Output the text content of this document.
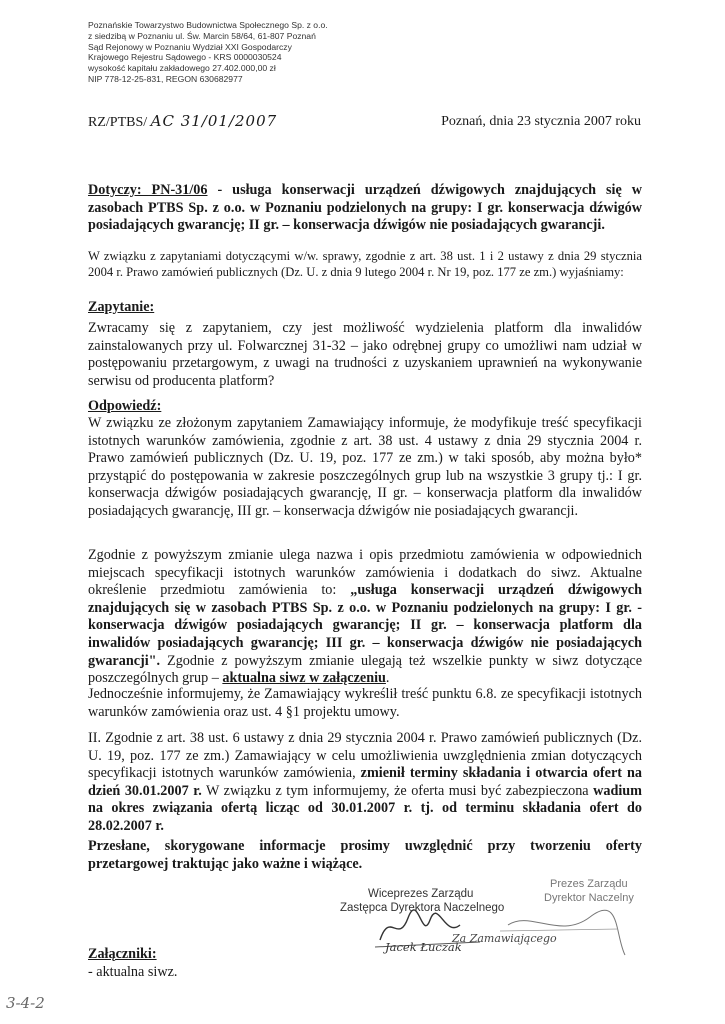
Poznańskie Towarzystwo Budownictwa Społecznego Sp. z o.o.
z siedzibą w Poznaniu ul. Św. Marcin 58/64, 61-807 Poznań
Sąd Rejonowy w Poznaniu Wydział XXI Gospodarczy
Krajowego Rejestru Sądowego - KRS 0000030524
wysokość kapitału zakładowego 27.402.000,00 zł
NIP 778-12-25-831, REGON 630682977
RZ/PTBS/ AC 31/01/2007	Poznań, dnia 23 stycznia 2007 roku
Dotyczy: PN-31/06 - usługa konserwacji urządzeń dźwigowych znajdujących się w zasobach PTBS Sp. z o.o. w Poznaniu podzielonych na grupy: I gr. konserwacja dźwigów posiadających gwarancję; II gr. – konserwacja dźwigów nie posiadających gwarancji.
W związku z zapytaniami dotyczącymi w/w. sprawy, zgodnie z art. 38 ust. 1 i 2 ustawy z dnia 29 stycznia 2004 r. Prawo zamówień publicznych (Dz. U. z dnia 9 lutego 2004 r. Nr 19, poz. 177 ze zm.) wyjaśniamy:
Zapytanie:
Zwracamy się z zapytaniem, czy jest możliwość wydzielenia platform dla inwalidów zainstalowanych przy ul. Folwarcznej 31-32 – jako odrębnej grupy co umożliwi nam udział w postępowaniu przetargowym, z uwagi na trudności z uzyskaniem uprawnień na wykonywanie serwisu od producenta platform?
Odpowiedź:
W związku ze złożonym zapytaniem Zamawiający informuje, że modyfikuje treść specyfikacji istotnych warunków zamówienia, zgodnie z art. 38 ust. 4 ustawy z dnia 29 stycznia 2004 r. Prawo zamówień publicznych (Dz. U. 19, poz. 177 ze zm.) w taki sposób, aby można było* przystąpić do postępowania w zakresie poszczególnych grup lub na wszystkie 3 grupy tj.: I gr. konserwacja dźwigów posiadających gwarancję, II gr. – konserwacja platform dla inwalidów posiadających gwarancję, III gr. – konserwacja dźwigów nie posiadających gwarancji.
Zgodnie z powyższym zmianie ulega nazwa i opis przedmiotu zamówienia w odpowiednich miejscach specyfikacji istotnych warunków zamówienia i dodatkach do siwz. Aktualne określenie przedmiotu zamówienia to: „usługa konserwacji urządzeń dźwigowych znajdujących się w zasobach PTBS Sp. z o.o. w Poznaniu podzielonych na grupy: I gr. - konserwacja dźwigów posiadających gwarancję; II gr. – konserwacja platform dla inwalidów posiadających gwarancję; III gr. – konserwacja dźwigów nie posiadających gwarancji". Zgodnie z powyższym zmianie ulegają też wszelkie punkty w siwz dotyczące poszczególnych grup – aktualna siwz w załączeniu.
Jednocześnie informujemy, że Zamawiający wykreślił treść punktu 6.8. ze specyfikacji istotnych warunków zamówienia oraz ust. 4 §1 projektu umowy.
II. Zgodnie z art. 38 ust. 6 ustawy z dnia 29 stycznia 2004 r. Prawo zamówień publicznych (Dz. U. 19, poz. 177 ze zm.) Zamawiający w celu umożliwienia uwzględnienia zmian dotyczących specyfikacji istotnych warunków zamówienia, zmienił terminy składania i otwarcia ofert na dzień 30.01.2007 r. W związku z tym informujemy, że oferta musi być zabezpieczona wadium na okres związania ofertą licząc od 30.01.2007 r. tj. od terminu składania ofert do 28.02.2007 r.
Przesłane, skorygowane informacje prosimy uwzględnić przy tworzeniu oferty przetargowej traktując jako ważne i wiążące.
Wiceprezes Zarządu
Zastępca Dyrektora Naczelnego
Jacek Łuczak
Prezes Zarządu
Dyrektor Naczelny
Za Zamawiającego
Załączniki:
- aktualna siwz.
3-4-2
